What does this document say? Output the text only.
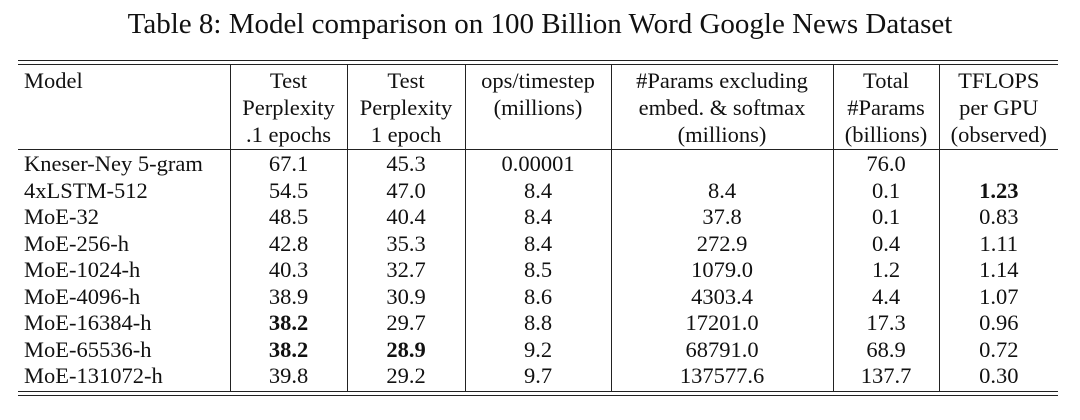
Table 8: Model comparison on 100 Billion Word Google News Dataset
Model	Test
Perplexity
.1 epochs	Test
Perplexity
1 epoch	ops/timestep
(millions)	#Params excluding
embed. & softmax
(millions)	Total
#Params
(billions)	TFLOPS
per GPU
(observed)

Kneser-Ney 5-gram	67.1	45.3	0.00001		76.0	
4xLSTM-512	54.5	47.0	8.4	8.4	0.1	1.23
MoE-32	48.5	40.4	8.4	37.8	0.1	0.83
MoE-256-h	42.8	35.3	8.4	272.9	0.4	1.11
MoE-1024-h	40.3	32.7	8.5	1079.0	1.2	1.14
MoE-4096-h	38.9	30.9	8.6	4303.4	4.4	1.07
MoE-16384-h	38.2	29.7	8.8	17201.0	17.3	0.96
MoE-65536-h	38.2	28.9	9.2	68791.0	68.9	0.72
MoE-131072-h	39.8	29.2	9.7	137577.6	137.7	0.30
